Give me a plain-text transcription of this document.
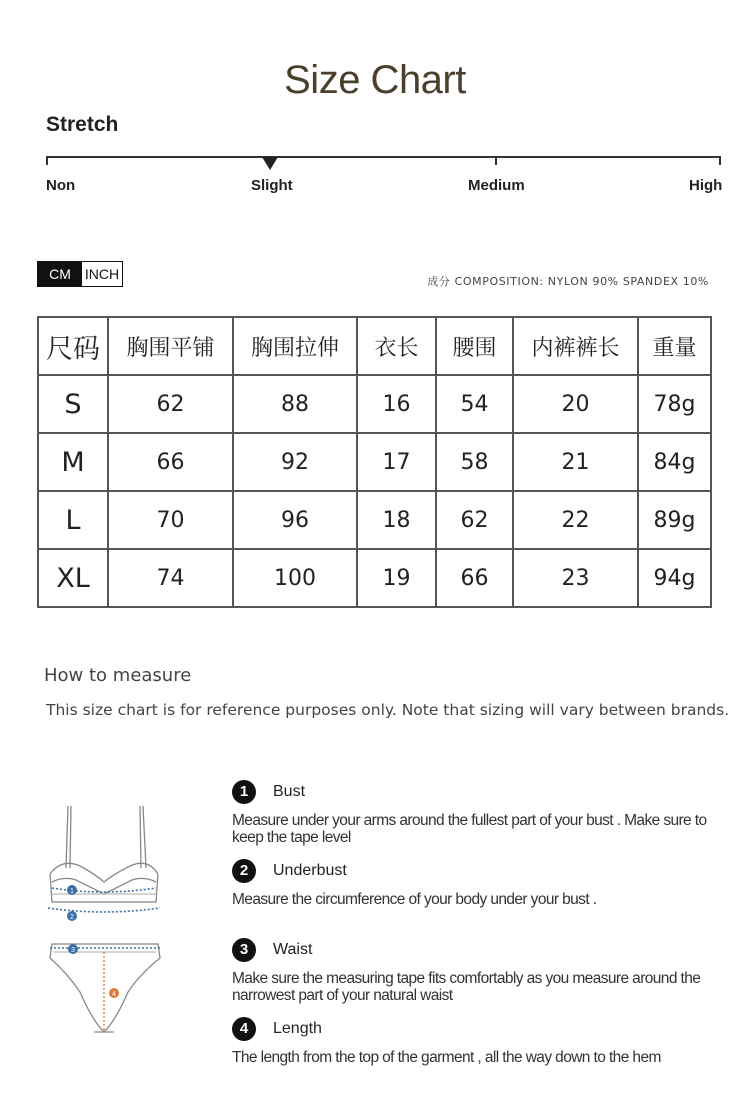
Size Chart
Stretch
Non	Slight	Medium	High
CM INCH	成分 COMPOSITION: NYLON 90% SPANDEX 10%
尺码	胸围平铺	胸围拉伸	衣长	腰围	内裤裤长	重量
S	62	88	16	54	20	78g
M	66	92	17	58	21	84g
L	70	96	18	62	22	89g
XL	74	100	19	66	23	94g
How to measure
This size chart is for reference purposes only. Note that sizing will vary between brands.
1
2
3
4
1	Bust
Measure under your arms around the fullest part of your bust . Make sure to keep the tape level
2	Underbust
Measure the circumference of your body under your bust .
3	Waist
Make sure the measuring tape fits comfortably as you measure around the narrowest part of your natural waist
4	Length
The length from the top of the garment , all the way down to the hem
